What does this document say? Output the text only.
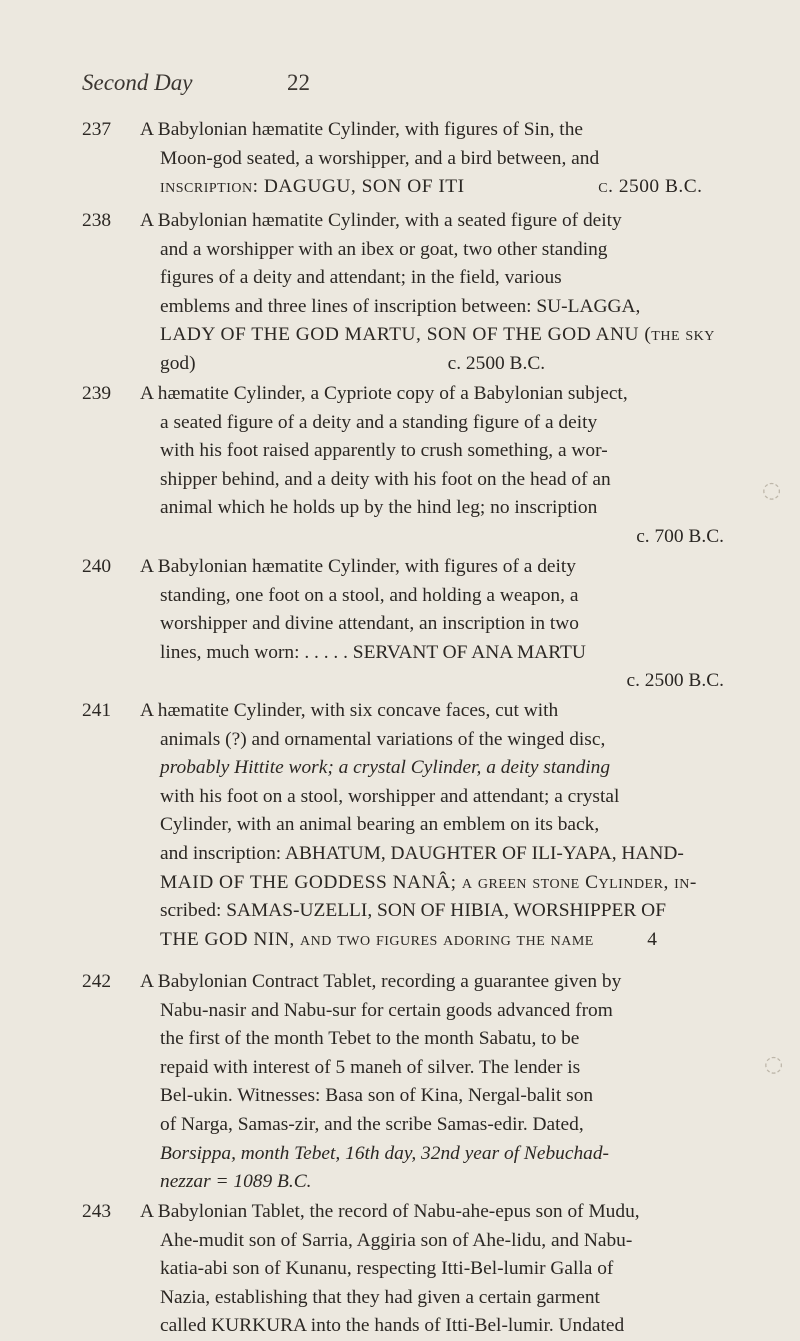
Second Day	22
237	A Babylonian hæmatite Cylinder, with figures of Sin, the
Moon-god seated, a worshipper, and a bird between, and
inscription: DAGUGU, SON OF ITI                         c. 2500 B.C.
238	A Babylonian hæmatite Cylinder, with a seated figure of deity
and a worshipper with an ibex or goat, two other standing
figures of a deity and attendant; in the field, various
emblems and three lines of inscription between: SU-LAGGA,
LADY OF THE GOD MARTU, SON OF THE GOD ANU (the sky
god)                                                    c. 2500 B.C.
239	A hæmatite Cylinder, a Cypriote copy of a Babylonian subject,
a seated figure of a deity and a standing figure of a deity
with his foot raised apparently to crush something, a wor-
shipper behind, and a deity with his foot on the head of an
animal which he holds up by the hind leg; no inscription
c. 700 B.C.
240	A Babylonian hæmatite Cylinder, with figures of a deity
standing, one foot on a stool, and holding a weapon, a
worshipper and divine attendant, an inscription in two
lines, much worn: . . . . . SERVANT OF ANA MARTU
c. 2500 B.C.
241	A hæmatite Cylinder, with six concave faces, cut with
animals (?) and ornamental variations of the winged disc,
probably Hittite work; a crystal Cylinder, a deity standing
with his foot on a stool, worshipper and attendant; a crystal
Cylinder, with an animal bearing an emblem on its back,
and inscription: ABHATUM, DAUGHTER OF ILI-YAPA, HAND-
MAID OF THE GODDESS NANÂ; a green stone Cylinder, in-
scribed: SAMAS-UZELLI, SON OF HIBIA, WORSHIPPER OF
THE GOD NIN, and two figures adoring the name          4
242	A Babylonian Contract Tablet, recording a guarantee given by
Nabu-nasir and Nabu-sur for certain goods advanced from
the first of the month Tebet to the month Sabatu, to be
repaid with interest of 5 maneh of silver. The lender is
Bel-ukin. Witnesses: Basa son of Kina, Nergal-balit son
of Narga, Samas-zir, and the scribe Samas-edir. Dated,
Borsippa, month Tebet, 16th day, 32nd year of Nebuchad-
nezzar = 1089 B.C.
243	A Babylonian Tablet, the record of Nabu-ahe-epus son of Mudu,
Ahe-mudit son of Sarria, Aggiria son of Ahe-lidu, and Nabu-
katia-abi son of Kunanu, respecting Itti-Bel-lumir Galla of
Nazia, establishing that they had given a certain garment
called KURKURA into the hands of Itti-Bel-lumir. Undated
◌
◌
